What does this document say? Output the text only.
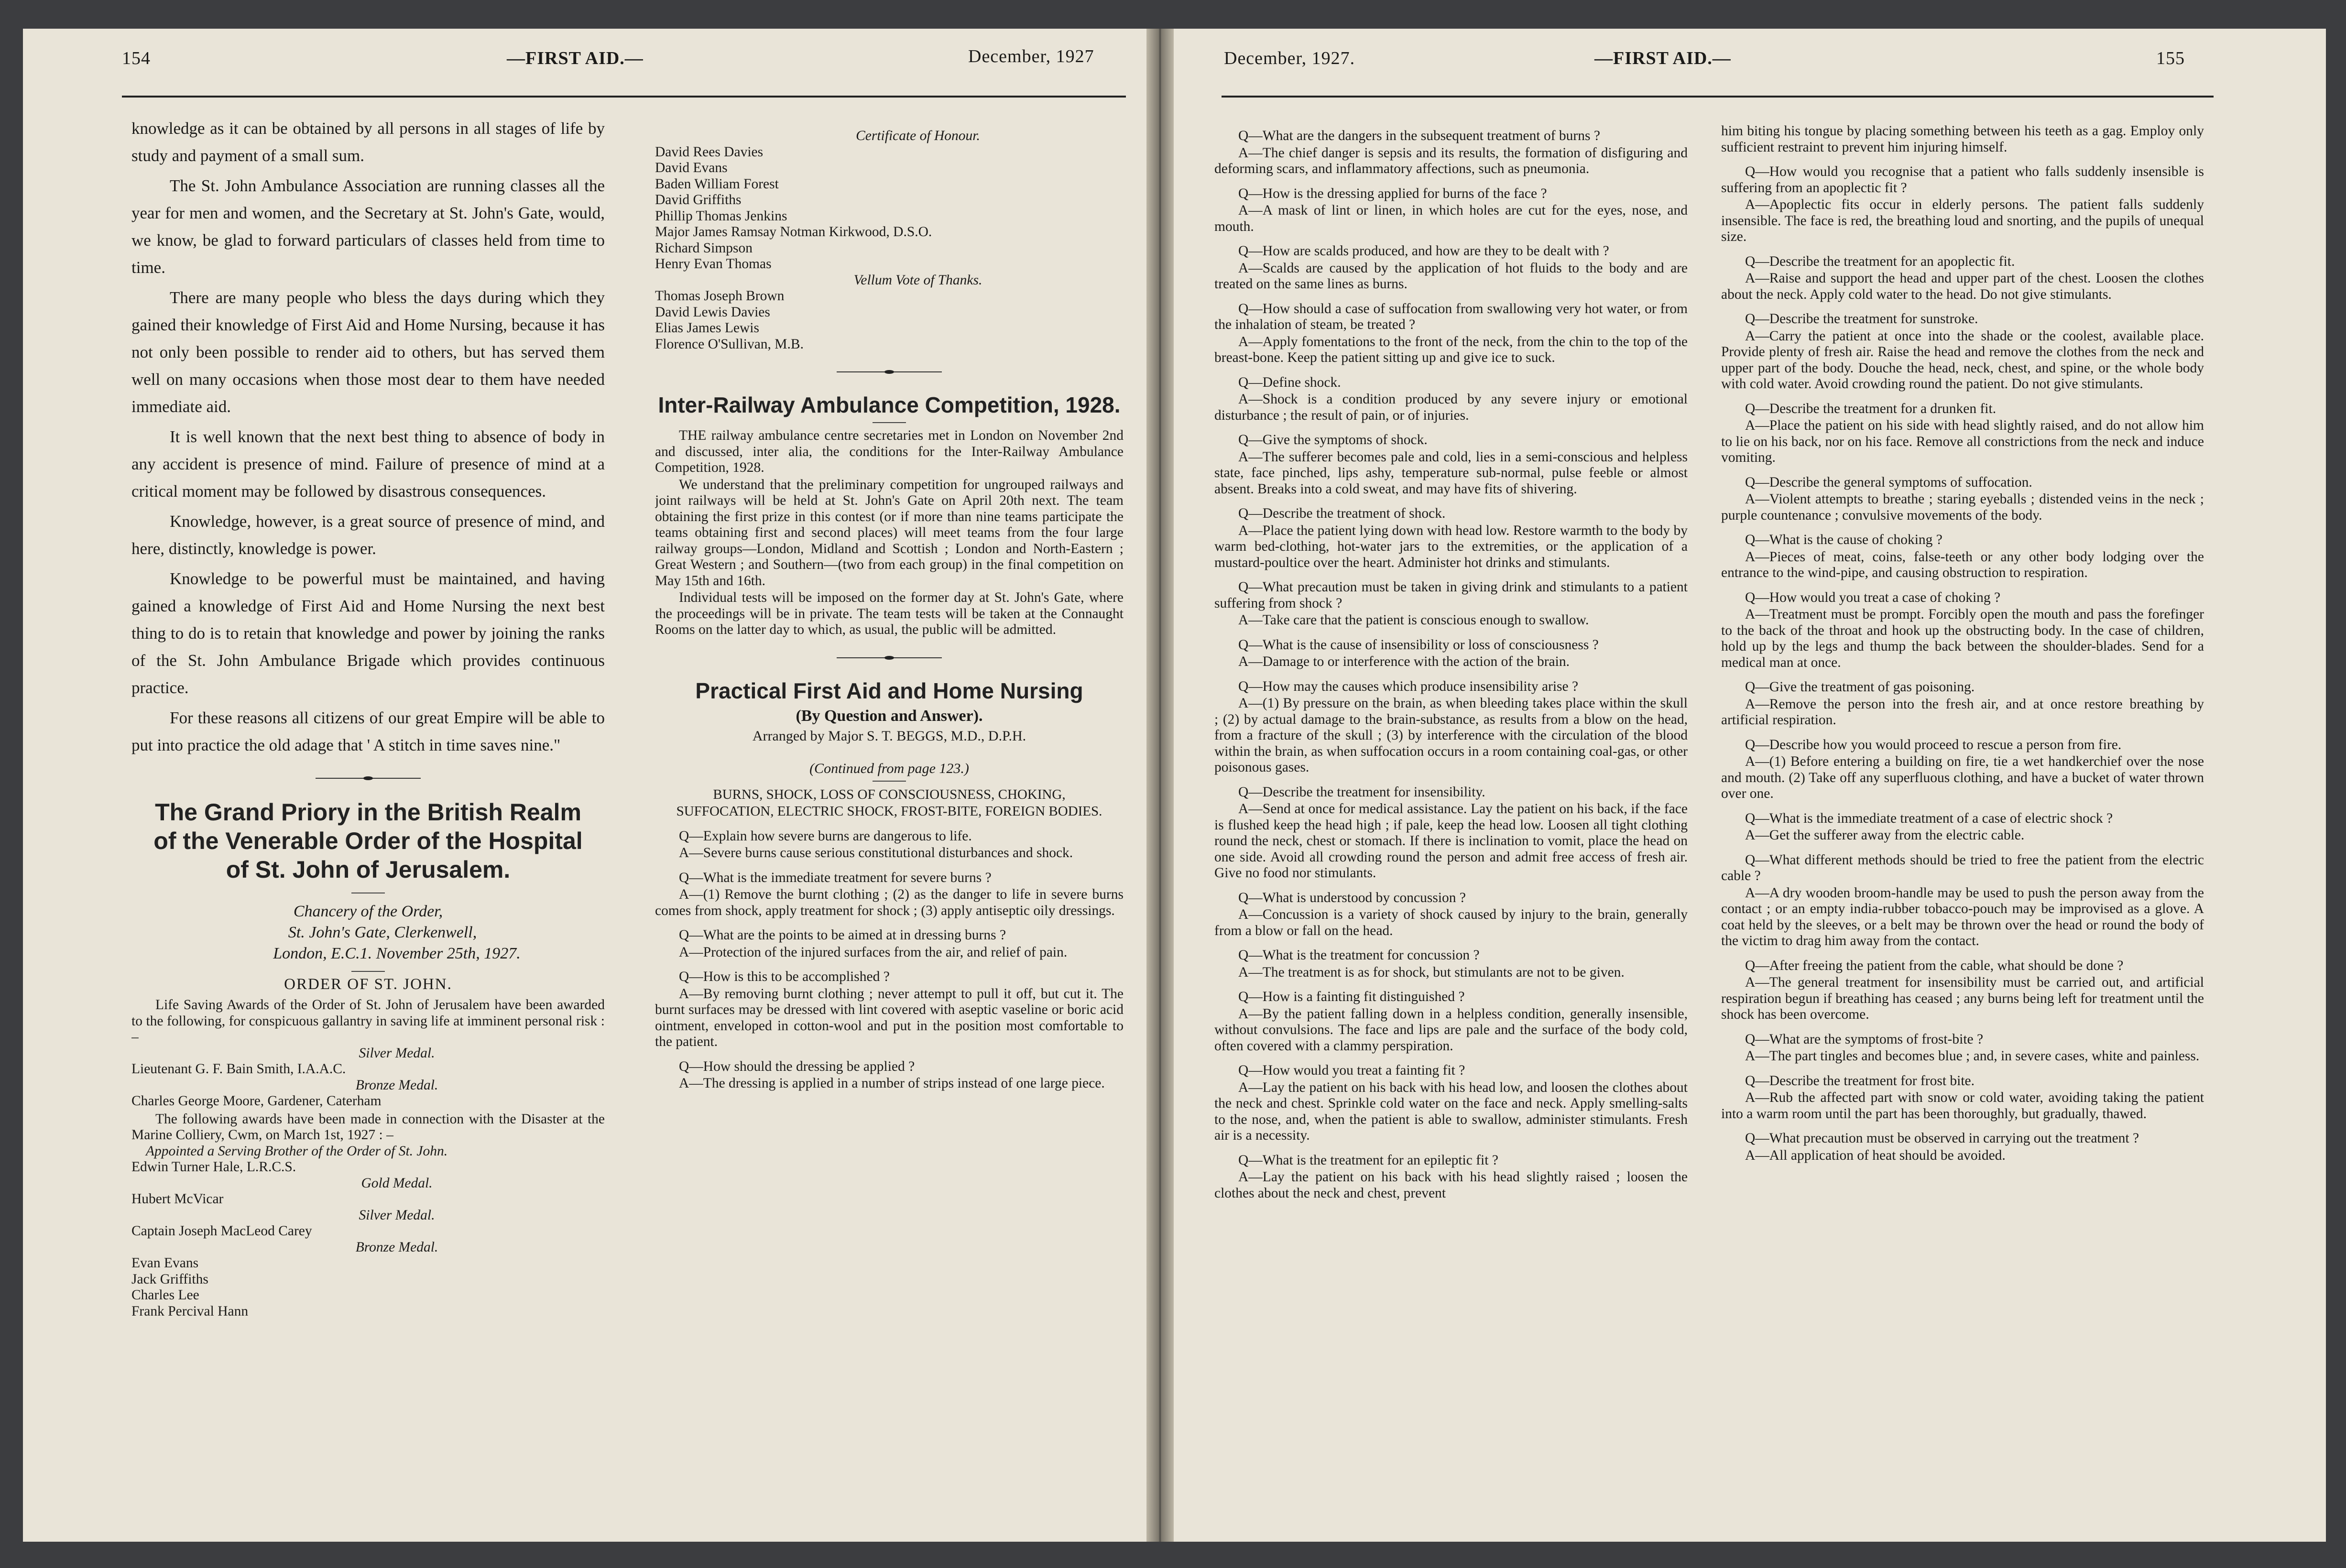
154	—FIRST AID.—	December, 1927	December, 1927.	—FIRST AID.—	155

knowledge as it can be obtained by all persons in all stages of life by study and payment of a small sum.

The St. John Ambulance Association are running classes all the year for men and women, and the Secretary at St. John's Gate, would, we know, be glad to forward particulars of classes held from time to time.

There are many people who bless the days during which they gained their knowledge of First Aid and Home Nursing, because it has not only been possible to render aid to others, but has served them well on many occasions when those most dear to them have needed immediate aid.

It is well known that the next best thing to absence of body in any accident is presence of mind. Failure of presence of mind at a critical moment may be followed by disastrous consequences.

Knowledge, however, is a great source of presence of mind, and here, distinctly, knowledge is power.

Knowledge to be powerful must be maintained, and having gained a knowledge of First Aid and Home Nursing the next best thing to do is to retain that knowledge and power by joining the ranks of the St. John Ambulance Brigade which provides continuous practice.

For these reasons all citizens of our great Empire will be able to put into practice the old adage that ' A stitch in time saves nine."

The Grand Priory in the British Realm of the Venerable Order of the Hospital of St. John of Jerusalem.
Chancery of the Order,
St. John's Gate, Clerkenwell,
London, E.C.1. November 25th, 1927.
ORDER OF ST. JOHN.

Life Saving Awards of the Order of St. John of Jerusalem have been awarded to the following, for conspicuous gallantry in saving life at imminent personal risk : –

Silver Medal.

Lieutenant G. F. Bain Smith, I.A.A.C.

Bronze Medal.

Charles George Moore, Gardener, Caterham

The following awards have been made in connection with the Disaster at the Marine Colliery, Cwm, on March 1st, 1927 : –

Appointed a Serving Brother of the Order of St. John.

Edwin Turner Hale, L.R.C.S.

Gold Medal.

Hubert McVicar

Silver Medal.

Captain Joseph MacLeod Carey

Bronze Medal.

Evan Evans

Jack Griffiths

Charles Lee

Frank Percival Hann

Certificate of Honour.

David Rees Davies

David Evans

Baden William Forest

David Griffiths

Phillip Thomas Jenkins

Major James Ramsay Notman Kirkwood, D.S.O.

Richard Simpson

Henry Evan Thomas

Vellum Vote of Thanks.

Thomas Joseph Brown

David Lewis Davies

Elias James Lewis

Florence O'Sullivan, M.B.

Inter-Railway Ambulance Competition, 1928.

THE railway ambulance centre secretaries met in London on November 2nd and discussed, inter alia, the conditions for the Inter-Railway Ambulance Competition, 1928.

We understand that the preliminary competition for ungrouped railways and joint railways will be held at St. John's Gate on April 20th next. The team obtaining the first prize in this contest (or if more than nine teams participate the teams obtaining first and second places) will meet teams from the four large railway groups—London, Midland and Scottish ; London and North-Eastern ; Great Western ; and Southern—(two from each group) in the final competition on May 15th and 16th.

Individual tests will be imposed on the former day at St. John's Gate, where the proceedings will be in private. The team tests will be taken at the Connaught Rooms on the latter day to which, as usual, the public will be admitted.

Practical First Aid and Home Nursing
(By Question and Answer).
Arranged by Major S. T. BEGGS, M.D., D.P.H.
(Continued from page 123.)
BURNS, SHOCK, LOSS OF CONSCIOUSNESS, CHOKING, SUFFOCATION, ELECTRIC SHOCK, FROST-BITE, FOREIGN BODIES.

Q—Explain how severe burns are dangerous to life.

A—Severe burns cause serious constitutional disturbances and shock.

Q—What is the immediate treatment for severe burns ?

A—(1) Remove the burnt clothing ; (2) as the danger to life in severe burns comes from shock, apply treatment for shock ; (3) apply antiseptic oily dressings.

Q—What are the points to be aimed at in dressing burns ?

A—Protection of the injured surfaces from the air, and relief of pain.

Q—How is this to be accomplished ?

A—By removing burnt clothing ; never attempt to pull it off, but cut it. The burnt surfaces may be dressed with lint covered with aseptic vaseline or boric acid ointment, enveloped in cotton-wool and put in the position most comfortable to the patient.

Q—How should the dressing be applied ?

A—The dressing is applied in a number of strips instead of one large piece.

Q—What are the dangers in the subsequent treatment of burns ?

A—The chief danger is sepsis and its results, the formation of disfiguring and deforming scars, and inflammatory affections, such as pneumonia.

Q—How is the dressing applied for burns of the face ?

A—A mask of lint or linen, in which holes are cut for the eyes, nose, and mouth.

Q—How are scalds produced, and how are they to be dealt with ?

A—Scalds are caused by the application of hot fluids to the body and are treated on the same lines as burns.

Q—How should a case of suffocation from swallowing very hot water, or from the inhalation of steam, be treated ?

A—Apply fomentations to the front of the neck, from the chin to the top of the breast-bone. Keep the patient sitting up and give ice to suck.

Q—Define shock.

A—Shock is a condition produced by any severe injury or emotional disturbance ; the result of pain, or of injuries.

Q—Give the symptoms of shock.

A—The sufferer becomes pale and cold, lies in a semi-conscious and helpless state, face pinched, lips ashy, temperature sub-normal, pulse feeble or almost absent. Breaks into a cold sweat, and may have fits of shivering.

Q—Describe the treatment of shock.

A—Place the patient lying down with head low. Restore warmth to the body by warm bed-clothing, hot-water jars to the extremities, or the application of a mustard-poultice over the heart. Administer hot drinks and stimulants.

Q—What precaution must be taken in giving drink and stimulants to a patient suffering from shock ?

A—Take care that the patient is conscious enough to swallow.

Q—What is the cause of insensibility or loss of consciousness ?

A—Damage to or interference with the action of the brain.

Q—How may the causes which produce insensibility arise ?

A—(1) By pressure on the brain, as when bleeding takes place within the skull ; (2) by actual damage to the brain-substance, as results from a blow on the head, from a fracture of the skull ; (3) by interference with the circulation of the blood within the brain, as when suffocation occurs in a room containing coal-gas, or other poisonous gases.

Q—Describe the treatment for insensibility.

A—Send at once for medical assistance. Lay the patient on his back, if the face is flushed keep the head high ; if pale, keep the head low. Loosen all tight clothing round the neck, chest or stomach. If there is inclination to vomit, place the head on one side. Avoid all crowding round the person and admit free access of fresh air. Give no food nor stimulants.

Q—What is understood by concussion ?

A—Concussion is a variety of shock caused by injury to the brain, generally from a blow or fall on the head.

Q—What is the treatment for concussion ?

A—The treatment is as for shock, but stimulants are not to be given.

Q—How is a fainting fit distinguished ?

A—By the patient falling down in a helpless condition, generally insensible, without convulsions. The face and lips are pale and the surface of the body cold, often covered with a clammy perspiration.

Q—How would you treat a fainting fit ?

A—Lay the patient on his back with his head low, and loosen the clothes about the neck and chest. Sprinkle cold water on the face and neck. Apply smelling-salts to the nose, and, when the patient is able to swallow, administer stimulants. Fresh air is a necessity.

Q—What is the treatment for an epileptic fit ?

A—Lay the patient on his back with his head slightly raised ; loosen the clothes about the neck and chest, prevent

him biting his tongue by placing something between his teeth as a gag. Employ only sufficient restraint to prevent him injuring himself.

Q—How would you recognise that a patient who falls suddenly insensible is suffering from an apoplectic fit ?

A—Apoplectic fits occur in elderly persons. The patient falls suddenly insensible. The face is red, the breathing loud and snorting, and the pupils of unequal size.

Q—Describe the treatment for an apoplectic fit.

A—Raise and support the head and upper part of the chest. Loosen the clothes about the neck. Apply cold water to the head. Do not give stimulants.

Q—Describe the treatment for sunstroke.

A—Carry the patient at once into the shade or the coolest, available place. Provide plenty of fresh air. Raise the head and remove the clothes from the neck and upper part of the body. Douche the head, neck, chest, and spine, or the whole body with cold water. Avoid crowding round the patient. Do not give stimulants.

Q—Describe the treatment for a drunken fit.

A—Place the patient on his side with head slightly raised, and do not allow him to lie on his back, nor on his face. Remove all constrictions from the neck and induce vomiting.

Q—Describe the general symptoms of suffocation.

A—Violent attempts to breathe ; staring eyeballs ; distended veins in the neck ; purple countenance ; convulsive movements of the body.

Q—What is the cause of choking ?

A—Pieces of meat, coins, false-teeth or any other body lodging over the entrance to the wind-pipe, and causing obstruction to respiration.

Q—How would you treat a case of choking ?

A—Treatment must be prompt. Forcibly open the mouth and pass the forefinger to the back of the throat and hook up the obstructing body. In the case of children, hold up by the legs and thump the back between the shoulder-blades. Send for a medical man at once.

Q—Give the treatment of gas poisoning.

A—Remove the person into the fresh air, and at once restore breathing by artificial respiration.

Q—Describe how you would proceed to rescue a person from fire.

A—(1) Before entering a building on fire, tie a wet handkerchief over the nose and mouth. (2) Take off any superfluous clothing, and have a bucket of water thrown over one.

Q—What is the immediate treatment of a case of electric shock ?

A—Get the sufferer away from the electric cable.

Q—What different methods should be tried to free the patient from the electric cable ?

A—A dry wooden broom-handle may be used to push the person away from the contact ; or an empty india-rubber tobacco-pouch may be improvised as a glove. A coat held by the sleeves, or a belt may be thrown over the head or round the body of the victim to drag him away from the contact.

Q—After freeing the patient from the cable, what should be done ?

A—The general treatment for insensibility must be carried out, and artificial respiration begun if breathing has ceased ; any burns being left for treatment until the shock has been overcome.

Q—What are the symptoms of frost-bite ?

A—The part tingles and becomes blue ; and, in severe cases, white and painless.

Q—Describe the treatment for frost bite.

A—Rub the affected part with snow or cold water, avoiding taking the patient into a warm room until the part has been thoroughly, but gradually, thawed.

Q—What precaution must be observed in carrying out the treatment ?

A—All application of heat should be avoided.
